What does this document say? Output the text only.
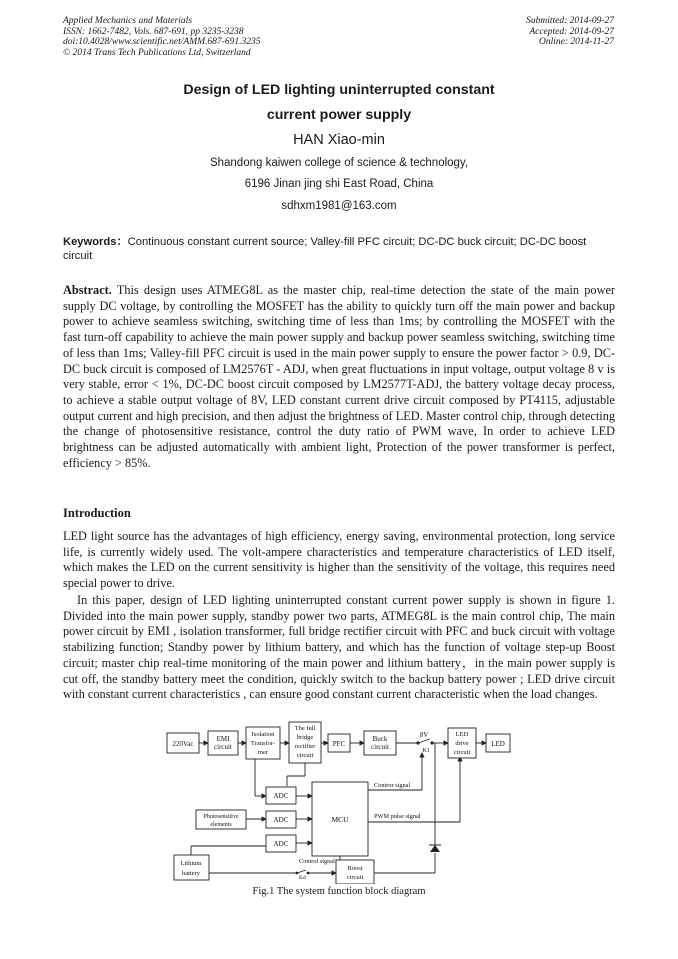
Applied Mechanics and Materials
ISSN: 1662-7482, Vols. 687-691, pp 3235-3238
doi:10.4028/www.scientific.net/AMM.687-691.3235
© 2014 Trans Tech Publications Ltd, Switzerland
Submitted: 2014-09-27
Accepted: 2014-09-27
Online: 2014-11-27
Design of LED lighting uninterrupted constant
current power supply
HAN Xiao-min
Shandong kaiwen college of science & technology,
6196 Jinan jing shi East Road, China
sdhxm1981@163.com
Keywords：Continuous constant current source; Valley-fill PFC circuit; DC-DC buck circuit; DC-DC boost circuit
Abstract. This design uses ATMEG8L as the master chip, real-time detection the state of the main power supply DC voltage, by controlling the MOSFET has the ability to quickly turn off the main power and backup power to achieve seamless switching, switching time of less than 1ms; by controlling the MOSFET with the fast turn-off capability to achieve the main power supply and backup power seamless switching, switching time of less than 1ms; Valley-fill PFC circuit is used in the main power supply to ensure the power factor > 0.9, DC-DC buck circuit is composed of LM2576T - ADJ, when great fluctuations in input voltage, output voltage 8 v is very stable, error < 1%, DC-DC boost circuit composed by LM2577T-ADJ, the battery voltage decay process, to achieve a stable output voltage of 8V, LED constant current drive circuit composed by PT4115, adjustable output current and high precision, and then adjust the brightness of LED. Master control chip, through detecting the change of photosensitive resistance, control the duty ratio of PWM wave, In order to achieve LED brightness can be adjusted automatically with ambient light, Protection of the power transformer is perfect, efficiency > 85%.
Introduction
LED light source has the advantages of high efficiency, energy saving, environmental protection, long service life, is currently widely used. The volt-ampere characteristics and temperature characteristics of LED itself, which makes the LED on the current sensitivity is higher than the sensitivity of the voltage, this requires need special power to drive.
In this paper, design of LED lighting uninterrupted constant current power supply is shown in figure 1. Divided into the main power supply, standby power two parts, ATMEG8L is the main control chip, The main power circuit by EMI , isolation transformer, full bridge rectifier circuit with PFC and buck circuit with voltage stabilizing function; Standby power by lithium battery, and which has the function of voltage step-up Boost circuit; master chip real-time monitoring of the main power and lithium battery，in the main power supply is cut off, the standby battery meet the condition, quickly switch to the backup battery power ; LED drive circuit with constant current characteristics , can ensure good constant current characteristic when the load changes.
220Vac
EMI
circuit
Isolation
Transfor-
mer
The full
bridge
rectifier
circuit
PFC
Buck
circuit
8V
K1
LED
drive
circuit
LED
ADC
ADC
ADC
MCU
Photosensitive
elements
Lithium
battery
Boost
circuit
Contror signal
PWM pulse signal
Control signal
Kd
Fig.1 The system function block diagram
